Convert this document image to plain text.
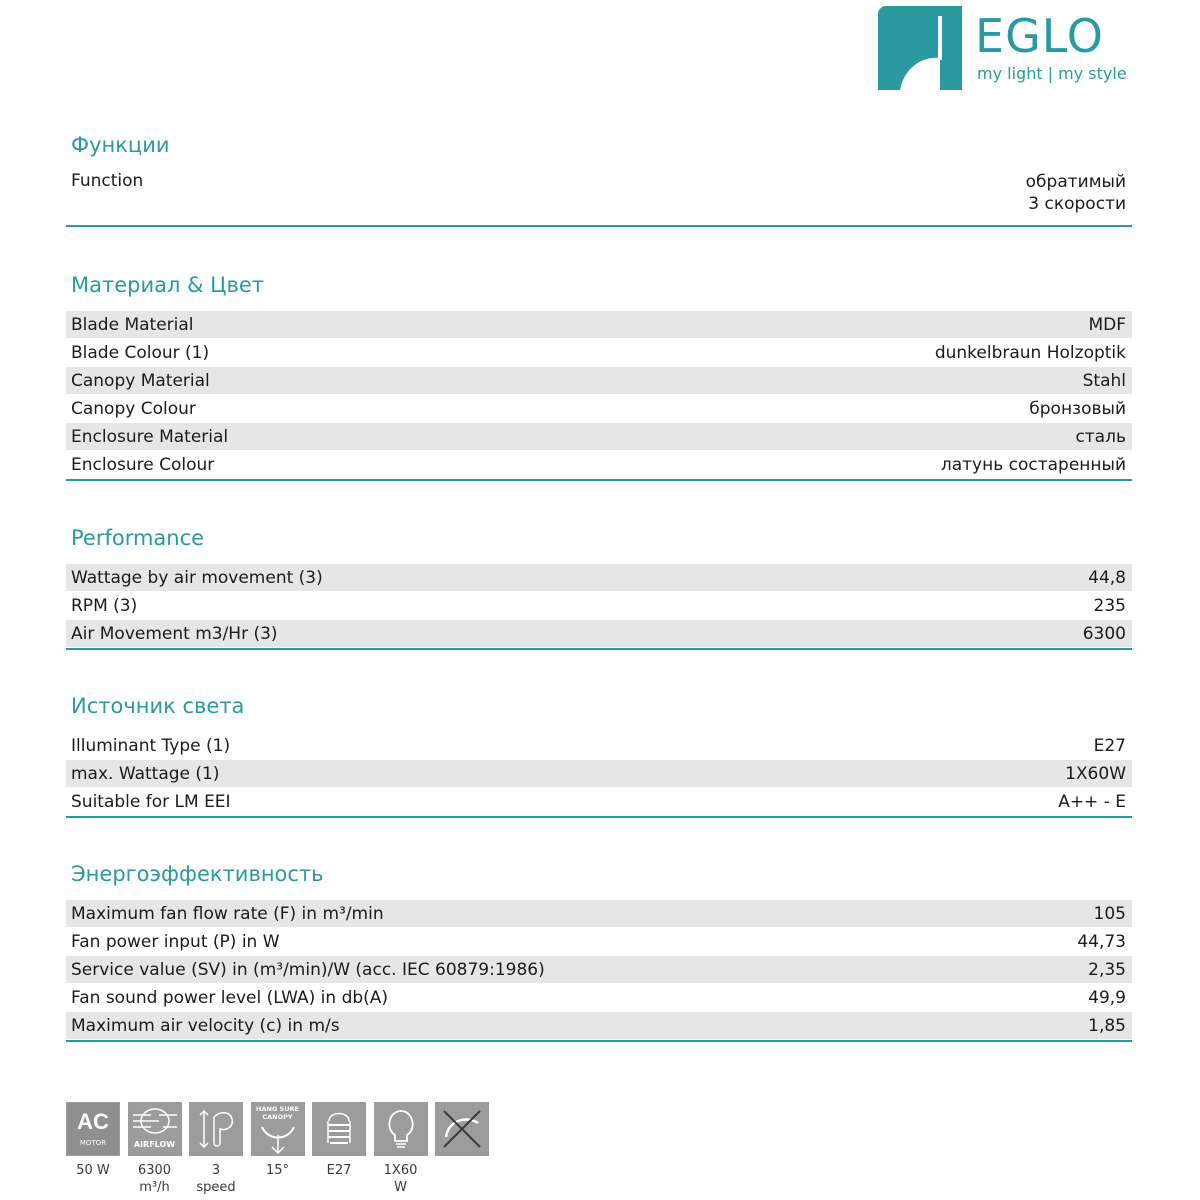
EGLO
my light | my style
Функции
Function	обратимый
3 скорости
Материал & Цвет
Blade Material	MDF
Blade Colour (1)	dunkelbraun Holzoptik
Canopy Material	Stahl
Canopy Colour	бронзовый
Enclosure Material	сталь
Enclosure Colour	латунь состаренный
Performance
Wattage by air movement (3)	44,8
RPM (3)	235
Air Movement m3/Hr (3)	6300
Источник света
Illuminant Type (1)	E27
max. Wattage (1)	1X60W
Suitable for LM EEI	A++ - E
Энергоэффективность
Maximum fan flow rate (F) in m³/min	105
Fan power input (P) in W	44,73
Service value (SV) in (m³/min)/W (acc. IEC 60879:1986)	2,35
Fan sound power level (LWA) in db(A)	49,9
Maximum air velocity (c) in m/s	1,85
AC
MOTOR
50 W
AIRFLOW
6300
m³/h
3
speed
HANG SURE CANOPY
15°	E27 1X60
W
